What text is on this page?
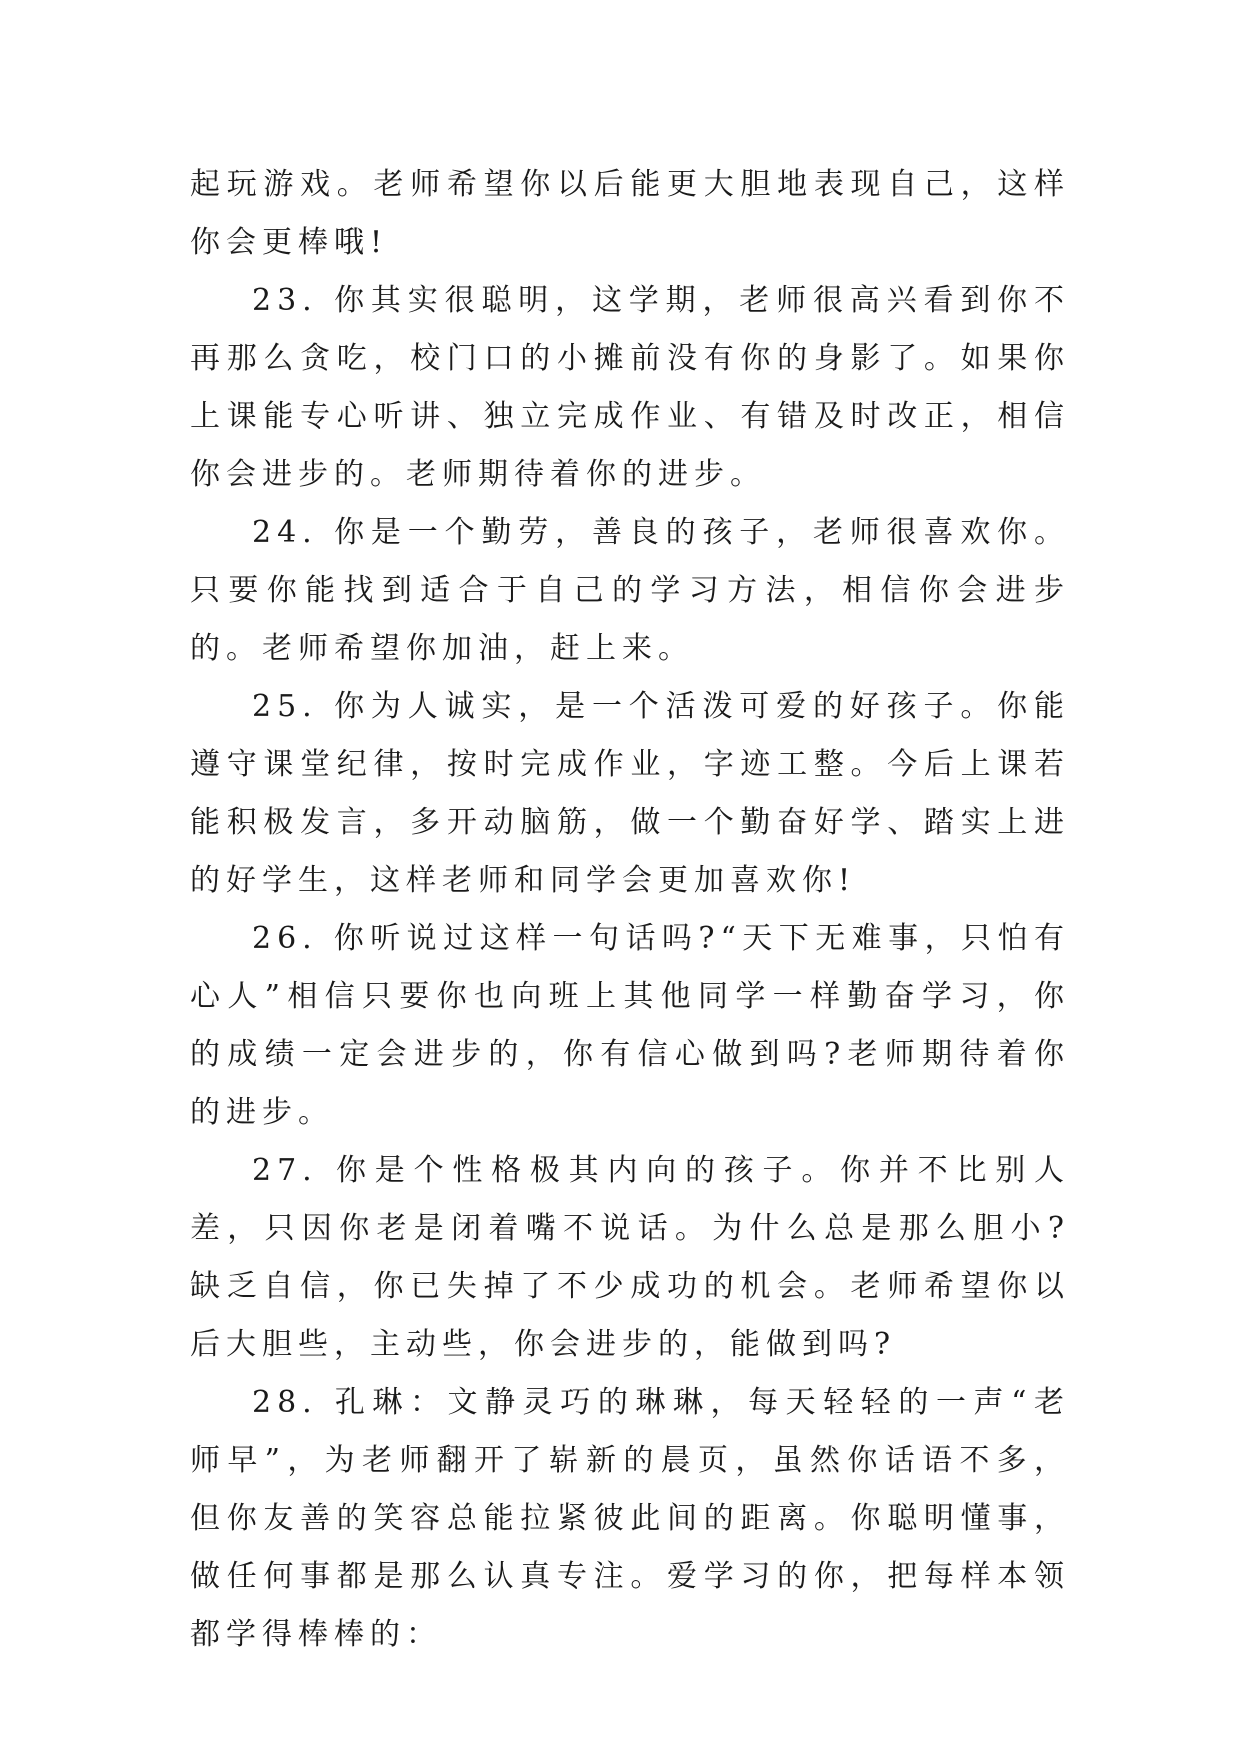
起玩游戏。老师希望你以后能更大胆地表现自己，这样你会更棒哦!

23. 你其实很聪明，这学期，老师很高兴看到你不再那么贪吃，校门口的小摊前没有你的身影了。如果你上课能专心听讲、独立完成作业、有错及时改正，相信你会进步的。老师期待着你的进步。

24. 你是一个勤劳，善良的孩子，老师很喜欢你。只要你能找到适合于自己的学习方法，相信你会进步的。老师希望你加油，赶上来。

25. 你为人诚实，是一个活泼可爱的好孩子。你能遵守课堂纪律，按时完成作业，字迹工整。今后上课若能积极发言，多开动脑筋，做一个勤奋好学、踏实上进的好学生，这样老师和同学会更加喜欢你!

26. 你听说过这样一句话吗?“天下无难事，只怕有心人”相信只要你也向班上其他同学一样勤奋学习，你的成绩一定会进步的，你有信心做到吗?老师期待着你的进步。

27. 你是个性格极其内向的孩子。你并不比别人差，只因你老是闭着嘴不说话。为什么总是那么胆小?缺乏自信，你已失掉了不少成功的机会。老师希望你以后大胆些，主动些，你会进步的，能做到吗?

28. 孔琳：文静灵巧的琳琳，每天轻轻的一声“老师早”，为老师翻开了崭新的晨页，虽然你话语不多，但你友善的笑容总能拉紧彼此间的距离。你聪明懂事，做任何事都是那么认真专注。爱学习的你，把每样本领都学得棒棒的：
